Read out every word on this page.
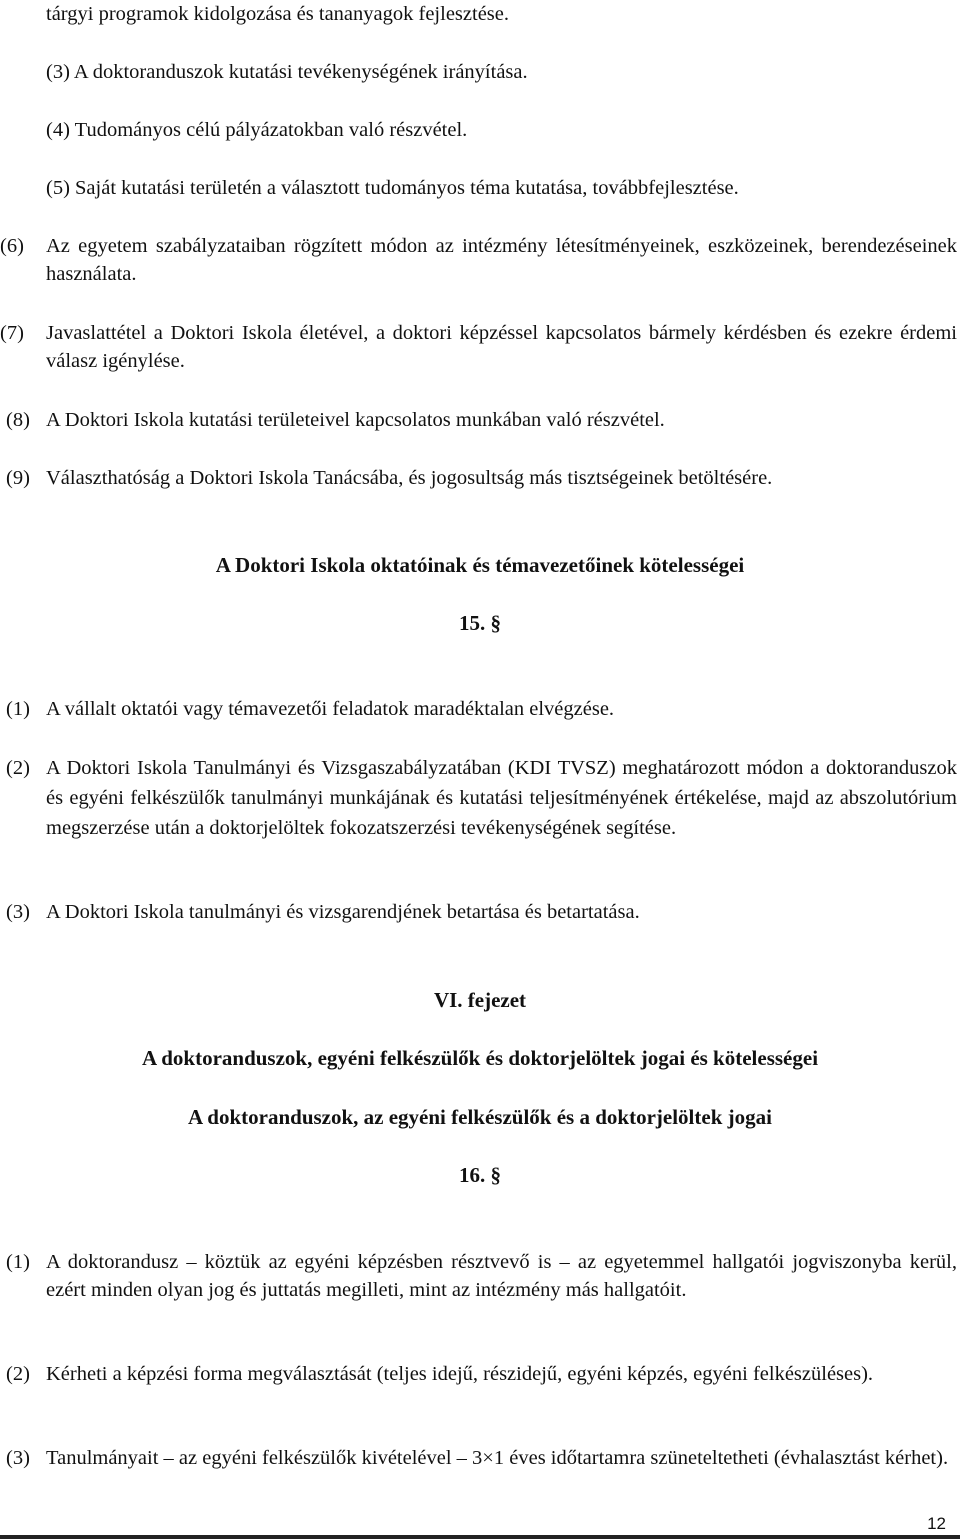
tárgyi programok kidolgozása és tananyagok fejlesztése.
(3) A doktoranduszok kutatási tevékenységének irányítása.
(4) Tudományos célú pályázatokban való részvétel.
(5) Saját kutatási területén a választott tudományos téma kutatása, továbbfejlesztése.
(6) Az egyetem szabályzataiban rögzített módon az intézmény létesítményeinek, eszközeinek, berendezéseinek használata.
(7) Javaslattétel a Doktori Iskola életével, a doktori képzéssel kapcsolatos bármely kérdésben és ezekre érdemi válasz igénylése.
(8) A Doktori Iskola kutatási területeivel kapcsolatos munkában való részvétel.
(9) Választhatóság a Doktori Iskola Tanácsába, és jogosultság más tisztségeinek betöltésére.
A Doktori Iskola oktatóinak és témavezetőinek kötelességei
15. §
(1) A vállalt oktatói vagy témavezetői feladatok maradéktalan elvégzése.
(2) A Doktori Iskola Tanulmányi és Vizsgaszabályzatában (KDI TVSZ) meghatározott módon a doktoranduszok és egyéni felkészülők tanulmányi munkájának és kutatási teljesítményének értékelése, majd az abszolutórium megszerzése után a doktorjelöltek fokozatszerzési tevékenységének segítése.
(3) A Doktori Iskola tanulmányi és vizsgarendjének betartása és betartatása.
VI. fejezet
A doktoranduszok, egyéni felkészülők és doktorjelöltek jogai és kötelességei
A doktoranduszok, az egyéni felkészülők és a doktorjelöltek jogai
16. §
(1) A doktorandusz – köztük az egyéni képzésben résztvevő is – az egyetemmel hallgatói jogviszonyba kerül, ezért minden olyan jog és juttatás megilleti, mint az intézmény más hallgatóit.
(2) Kérheti a képzési forma megválasztását (teljes idejű, részidejű, egyéni képzés, egyéni felkészüléses).
(3) Tanulmányait – az egyéni felkészülők kivételével – 3×1 éves időtartamra szüneteltetheti (évhalasztást kérhet).
12
